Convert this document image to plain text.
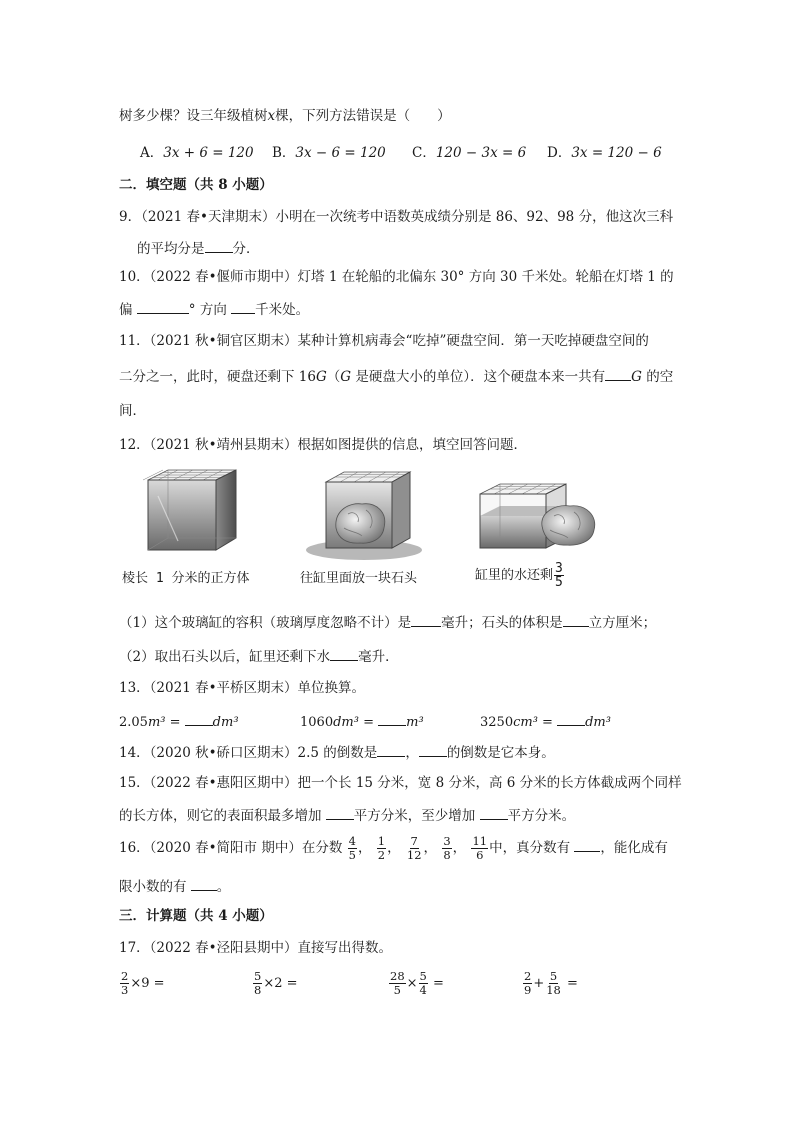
树多少棵？设三年级植树x棵，下列方法错误是（　　）
A．3x + 6 = 120 B．3x − 6 = 120 C．120 − 3x = 6 D．3x = 120 − 6
二．填空题（共 8 小题）
9．（2021 春•天津期末）小明在一次统考中语数英成绩分别是 86、92、98 分，他这次三科
的平均分是 分．
10．（2022 春•偃师市期中）灯塔 1 在轮船的北偏东 30° 方向 30 千米处。轮船在灯塔 1 的
偏	° 方向 千米处。
11．（2021 秋•铜官区期末）某种计算机病毒会“吃掉”硬盘空间．第一天吃掉硬盘空间的
二分之一，此时，硬盘还剩下 16G（G 是硬盘大小的单位）．这个硬盘本来一共有 G 的空
间．
12．（2021 秋•靖州县期末）根据如图提供的信息，填空回答问题．
棱长 1 分米的正方体	往缸里面放一块石头	缸里的水还剩 $\frac{3}{5}$
（1）这个玻璃缸的容积（玻璃厚度忽略不计）是 毫升；石头的体积是 立方厘米；
（2）取出石头以后，缸里还剩下水 毫升．
13．（2021 春•平桥区期末）单位换算。
2.05m³ = dm³	1060dm³ = m³	3250cm³ = dm³
14．（2020 秋•硚口区期末）2.5 的倒数是 ， 的倒数是它本身。
15．（2022 春•惠阳区期中）把一个长 15 分米，宽 8 分米，高 6 分米的长方体截成两个同样
的长方体，则它的表面积最多增加 平方分米，至少增加 平方分米。
16．（2020 春•简阳市 期中）在分数 $\frac{4}{5}$ ， $\frac{1}{2}$ ， $\frac{7}{12}$ ， $\frac{3}{8}$ ， $\frac{11}{6}$ 中，真分数有 ，能化成有
限小数的有 。
三．计算题（共 4 小题）
17．（2022 春•泾阳县期中）直接写出得数。
$\frac{2}{3} \times 9$ =	$\frac{5}{8} \times 2$ =	$\frac{28}{5} \times \frac{5}{4}$ =	$\frac{2}{9} + \frac{5}{18}$ =
